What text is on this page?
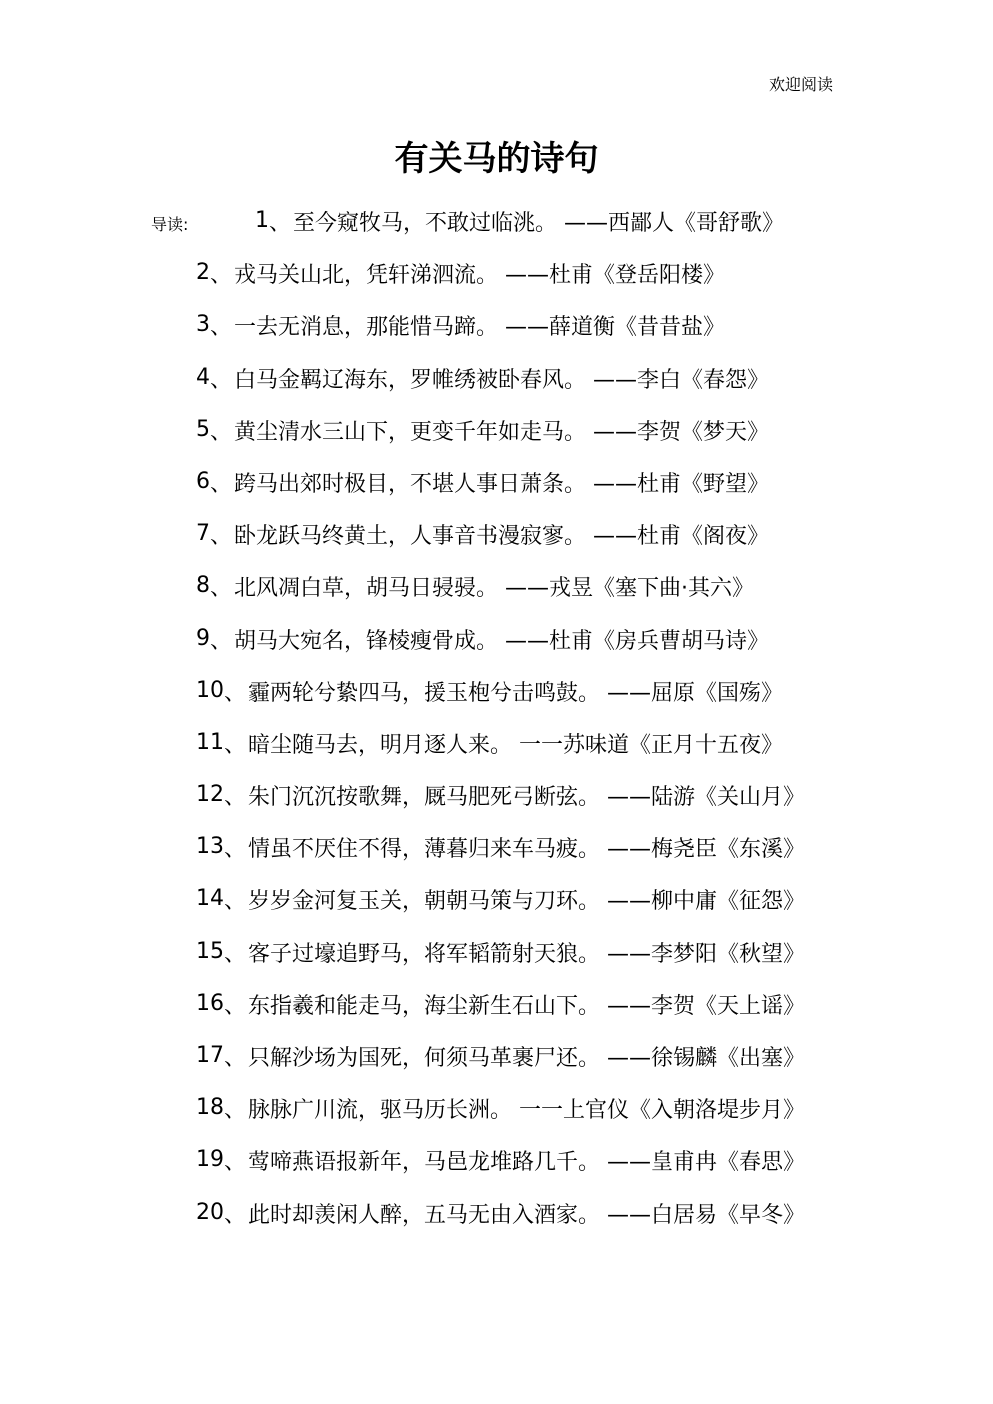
欢迎阅读
有关马的诗句
导读:	1、至今窥牧马，不敢过临洮。 ——西鄙人《哥舒歌》
2、戎马关山北，凭轩涕泗流。 ——杜甫《登岳阳楼》
3、一去无消息，那能惜马蹄。 ——薛道衡《昔昔盐》
4、白马金羁辽海东，罗帷绣被卧春风。 ——李白《春怨》
5、黄尘清水三山下，更变千年如走马。 ——李贺《梦天》
6、跨马出郊时极目，不堪人事日萧条。 ——杜甫《野望》
7、卧龙跃马终黄土，人事音书漫寂寥。 ——杜甫《阁夜》
8、北风凋白草，胡马日骎骎。 ——戎昱《塞下曲·其六》
9、胡马大宛名，锋棱瘦骨成。 ——杜甫《房兵曹胡马诗》
10、霾两轮兮絷四马，援玉枹兮击鸣鼓。 ——屈原《国殇》
11、暗尘随马去，明月逐人来。 一一苏味道《正月十五夜》
12、朱门沉沉按歌舞，厩马肥死弓断弦。 ——陆游《关山月》
13、情虽不厌住不得，薄暮归来车马疲。 ——梅尧臣《东溪》
14、岁岁金河复玉关，朝朝马策与刀环。 ——柳中庸《征怨》
15、客子过壕追野马，将军韬箭射天狼。 ——李梦阳《秋望》
16、东指羲和能走马，海尘新生石山下。 ——李贺《天上谣》
17、只解沙场为国死，何须马革裹尸还。 ——徐锡麟《出塞》
18、脉脉广川流，驱马历长洲。 一一上官仪《入朝洛堤步月》
19、莺啼燕语报新年，马邑龙堆路几千。 ——皇甫冉《春思》
20、此时却羡闲人醉，五马无由入酒家。 ——白居易《早冬》
